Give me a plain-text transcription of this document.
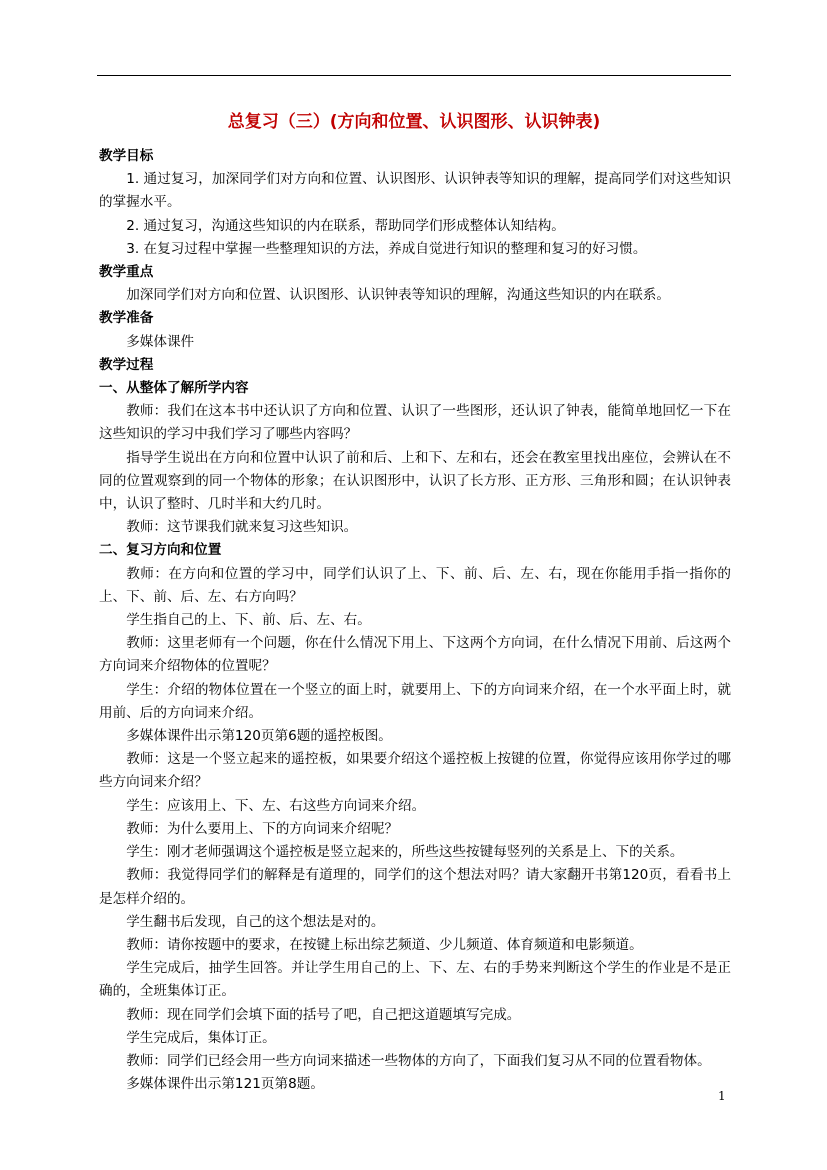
总复习（三）(方向和位置、认识图形、认识钟表)

教学目标

1. 通过复习，加深同学们对方向和位置、认识图形、认识钟表等知识的理解，提高同学们对这些知识的掌握水平。

2. 通过复习，沟通这些知识的内在联系，帮助同学们形成整体认知结构。

3. 在复习过程中掌握一些整理知识的方法，养成自觉进行知识的整理和复习的好习惯。

教学重点

加深同学们对方向和位置、认识图形、认识钟表等知识的理解，沟通这些知识的内在联系。

教学准备

多媒体课件

教学过程

一、从整体了解所学内容

教师：我们在这本书中还认识了方向和位置、认识了一些图形，还认识了钟表，能简单地回忆一下在这些知识的学习中我们学习了哪些内容吗？

指导学生说出在方向和位置中认识了前和后、上和下、左和右，还会在教室里找出座位，会辨认在不同的位置观察到的同一个物体的形象；在认识图形中，认识了长方形、正方形、三角形和圆；在认识钟表中，认识了整时、几时半和大约几时。

教师：这节课我们就来复习这些知识。

二、复习方向和位置

教师：在方向和位置的学习中，同学们认识了上、下、前、后、左、右，现在你能用手指一指你的上、下、前、后、左、右方向吗？

学生指自己的上、下、前、后、左、右。

教师：这里老师有一个问题，你在什么情况下用上、下这两个方向词，在什么情况下用前、后这两个方向词来介绍物体的位置呢？

学生：介绍的物体位置在一个竖立的面上时，就要用上、下的方向词来介绍，在一个水平面上时，就用前、后的方向词来介绍。

多媒体课件出示第120页第6题的遥控板图。

教师：这是一个竖立起来的遥控板，如果要介绍这个遥控板上按键的位置，你觉得应该用你学过的哪些方向词来介绍？

学生：应该用上、下、左、右这些方向词来介绍。

教师：为什么要用上、下的方向词来介绍呢？

学生：刚才老师强调这个遥控板是竖立起来的，所些这些按键每竖列的关系是上、下的关系。

教师：我觉得同学们的解释是有道理的，同学们的这个想法对吗？请大家翻开书第120页，看看书上是怎样介绍的。

学生翻书后发现，自己的这个想法是对的。

教师：请你按题中的要求，在按键上标出综艺频道、少儿频道、体育频道和电影频道。

学生完成后，抽学生回答。并让学生用自己的上、下、左、右的手势来判断这个学生的作业是不是正确的，全班集体订正。

教师：现在同学们会填下面的括号了吧，自己把这道题填写完成。

学生完成后，集体订正。

教师：同学们已经会用一些方向词来描述一些物体的方向了，下面我们复习从不同的位置看物体。

多媒体课件出示第121页第8题。

1
